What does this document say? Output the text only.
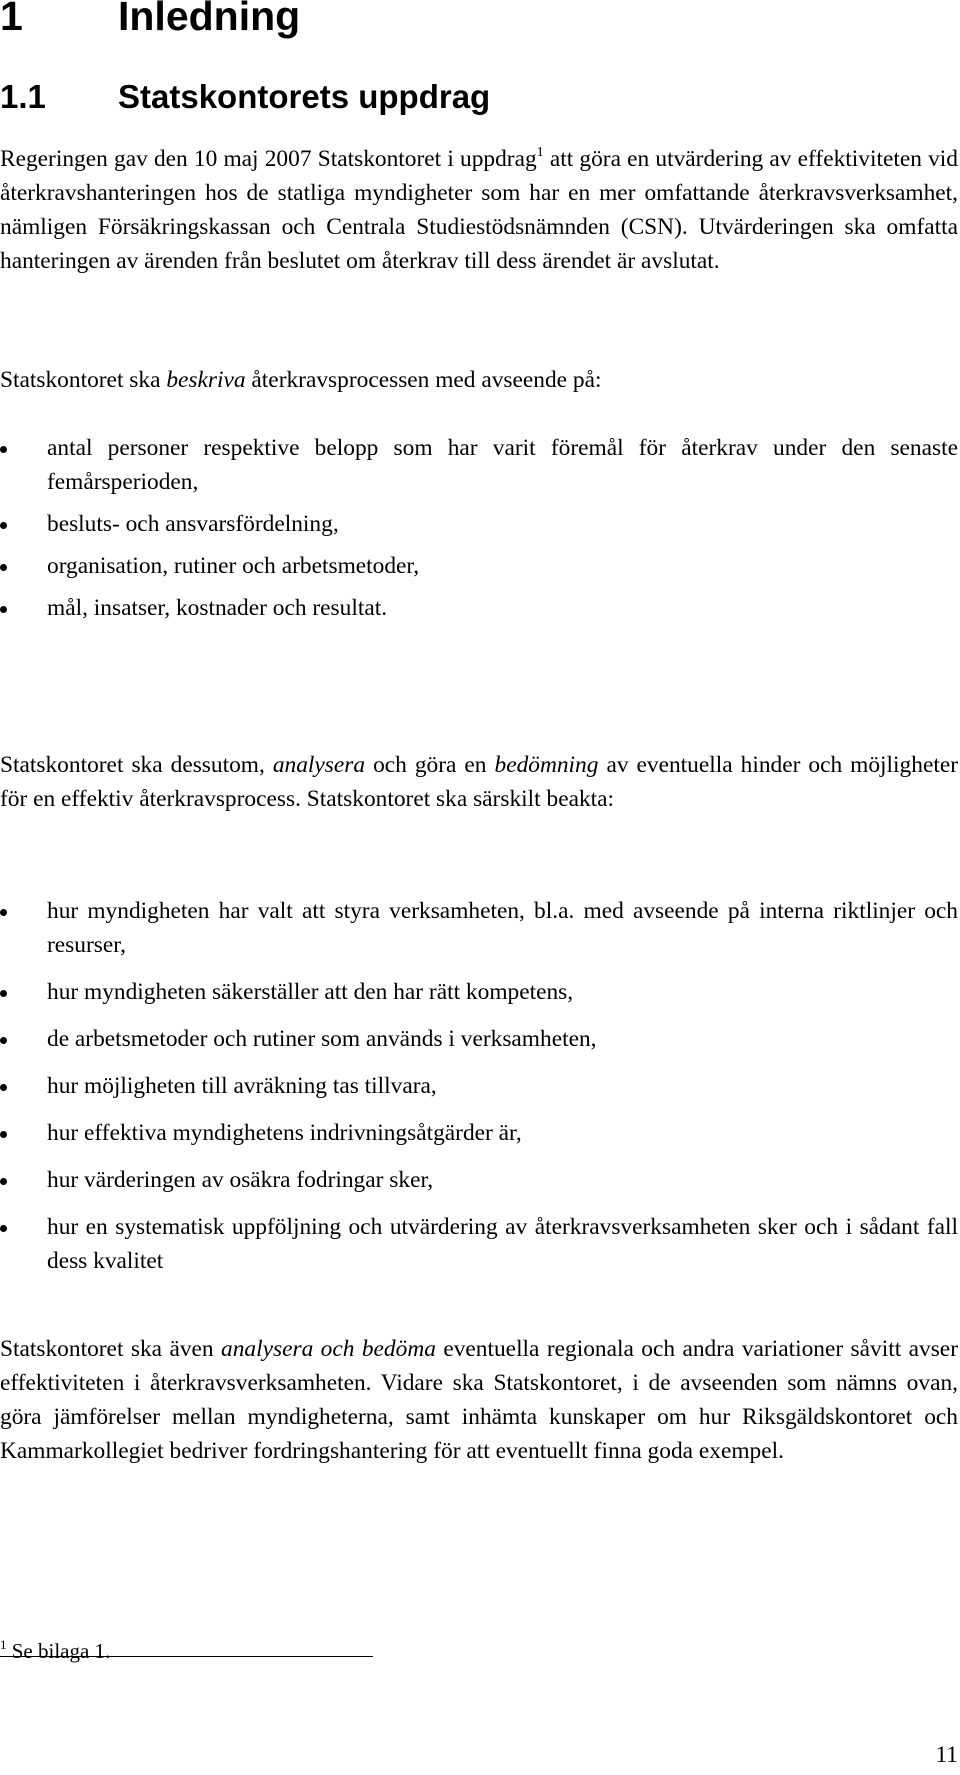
1 Inledning
1.1 Statskontorets uppdrag

Regeringen gav den 10 maj 2007 Statskontoret i uppdrag$^1$ att göra en utvärdering av effektiviteten vid återkravshanteringen hos de statliga myndigheter som har en mer omfattande återkravsverksamhet, nämligen Försäkringskassan och Centrala Studiestödsnämnden (CSN). Utvärderingen ska omfatta hanteringen av ärenden från beslutet om återkrav till dess ärendet är avslutat.

Statskontoret ska beskriva återkravsprocessen med avseende på:

antal personer respektive belopp som har varit föremål för återkrav under den senaste femårsperioden,
besluts- och ansvarsfördelning,
organisation, rutiner och arbetsmetoder,
mål, insatser, kostnader och resultat.

Statskontoret ska dessutom, analysera och göra en bedömning av eventuella hinder och möjligheter för en effektiv återkravsprocess. Statskontoret ska särskilt beakta:

hur myndigheten har valt att styra verksamheten, bl.a. med avseende på interna riktlinjer och resurser,
hur myndigheten säkerställer att den har rätt kompetens,
de arbetsmetoder och rutiner som används i verksamheten,
hur möjligheten till avräkning tas tillvara,
hur effektiva myndighetens indrivningsåtgärder är,
hur värderingen av osäkra fodringar sker,
hur en systematisk uppföljning och utvärdering av återkravsverksamheten sker och i sådant fall dess kvalitet

Statskontoret ska även analysera och bedöma eventuella regionala och andra variationer såvitt avser effektiviteten i återkravsverksamheten. Vidare ska Statskontoret, i de avseenden som nämns ovan, göra jämförelser mellan myndigheterna, samt inhämta kunskaper om hur Riksgäldskontoret och Kammarkollegiet bedriver fordringshantering för att eventuellt finna goda exempel.

$^1$ Se bilaga 1.

11
